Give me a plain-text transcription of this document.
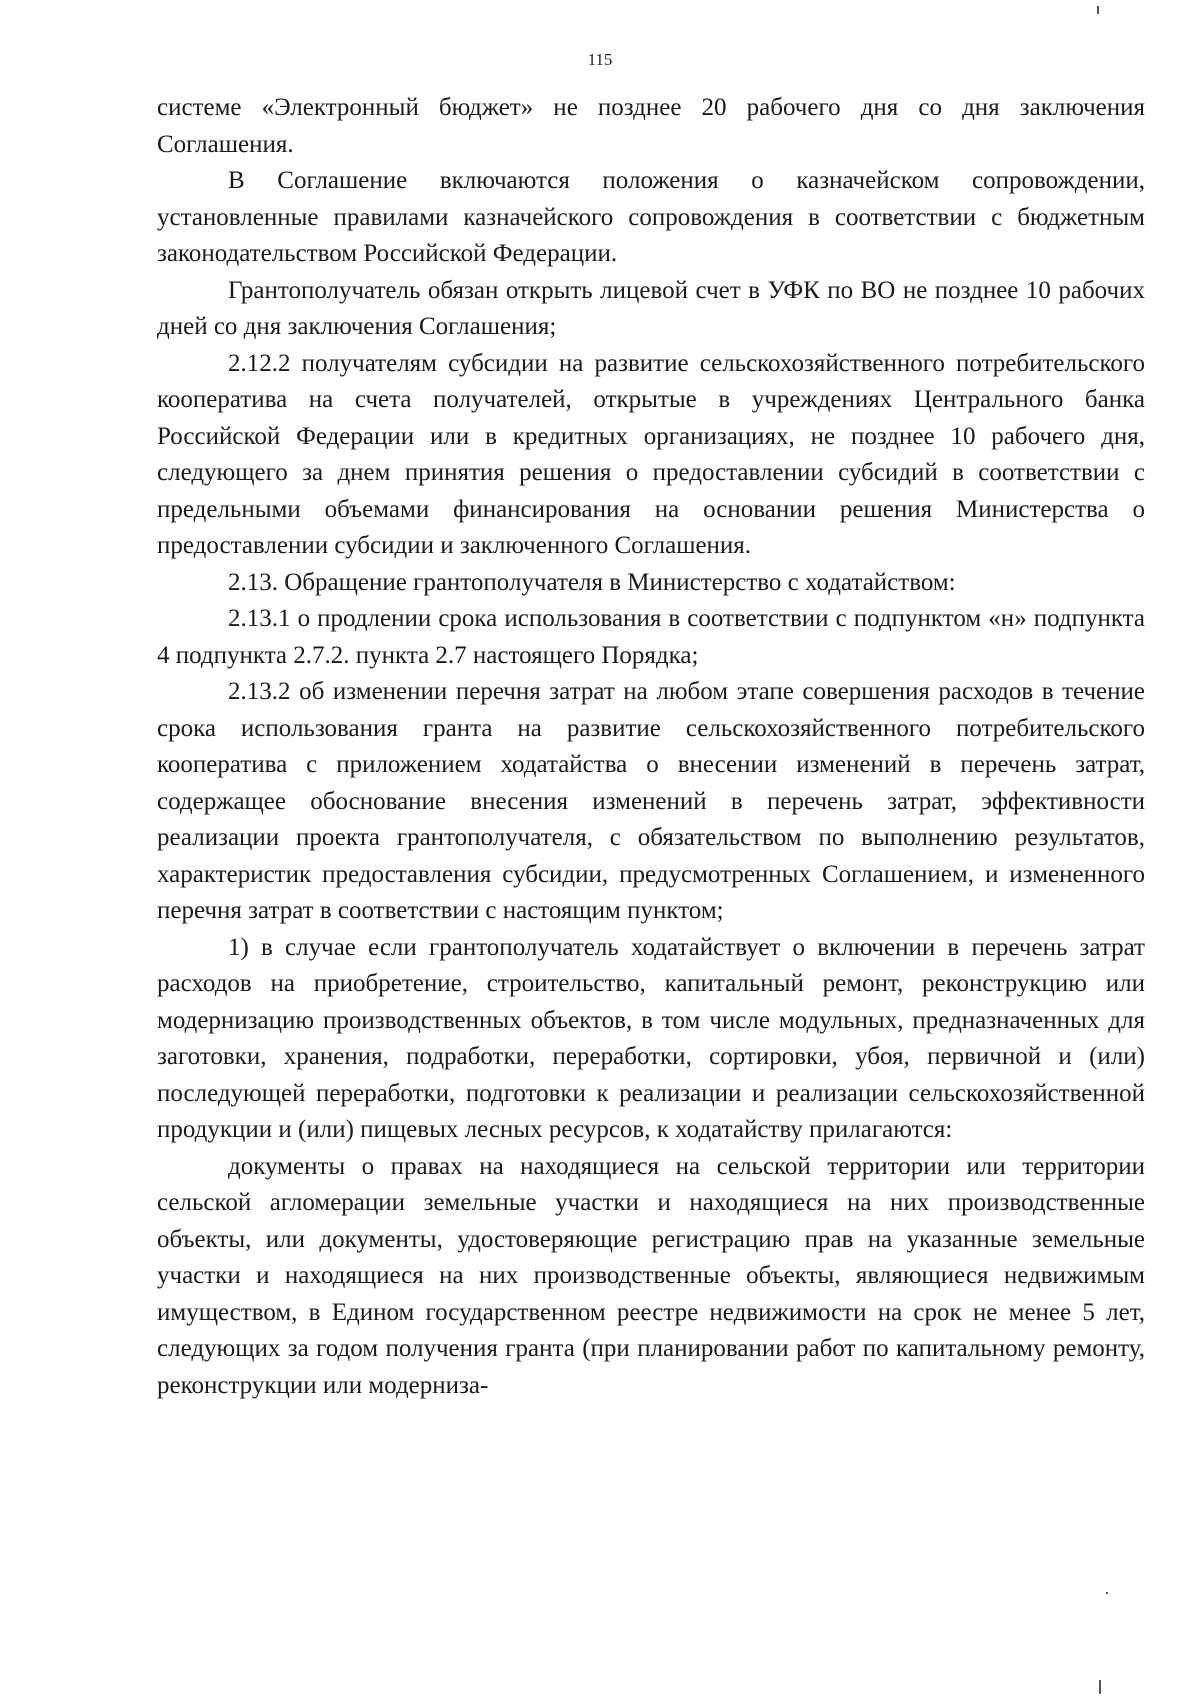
115

системе «Электронный бюджет» не позднее 20 рабочего дня со дня заключения Соглашения.

В Соглашение включаются положения о казначейском сопровождении, установленные правилами казначейского сопровождения в соответствии с бюджетным законодательством Российской Федерации.

Грантополучатель обязан открыть лицевой счет в УФК по ВО не позднее 10 рабочих дней со дня заключения Соглашения;

2.12.2 получателям субсидии на развитие сельскохозяйственного потребительского кооператива на счета получателей, открытые в учреждениях Центрального банка Российской Федерации или в кредитных организациях, не позднее 10 рабочего дня, следующего за днем принятия решения о предоставлении субсидий в соответствии с предельными объемами финансирования на основании решения Министерства о предоставлении субсидии и заключенного Соглашения.

2.13. Обращение грантополучателя в Министерство с ходатайством:

2.13.1 о продлении срока использования в соответствии с подпунктом «н» подпункта 4 подпункта 2.7.2. пункта 2.7 настоящего Порядка;

2.13.2 об изменении перечня затрат на любом этапе совершения расходов в течение срока использования гранта на развитие сельскохозяйственного потребительского кооператива с приложением ходатайства о внесении изменений в перечень затрат, содержащее обоснование внесения изменений в перечень затрат, эффективности реализации проекта грантополучателя, с обязательством по выполнению результатов, характеристик предоставления субсидии, предусмотренных Соглашением, и измененного перечня затрат в соответствии с настоящим пунктом;

1) в случае если грантополучатель ходатайствует о включении в перечень затрат расходов на приобретение, строительство, капитальный ремонт, реконструкцию или модернизацию производственных объектов, в том числе модульных, предназначенных для заготовки, хранения, подработки, переработки, сортировки, убоя, первичной и (или) последующей переработки, подготовки к реализации и реализации сельскохозяйственной продукции и (или) пищевых лесных ресурсов, к ходатайству прилагаются:

документы о правах на находящиеся на сельской территории или территории сельской агломерации земельные участки и находящиеся на них производственные объекты, или документы, удостоверяющие регистрацию прав на указанные земельные участки и находящиеся на них производственные объекты, являющиеся недвижимым имуществом, в Едином государственном реестре недвижимости на срок не менее 5 лет, следующих за годом получения гранта (при планировании работ по капитальному ремонту, реконструкции или модерниза-
